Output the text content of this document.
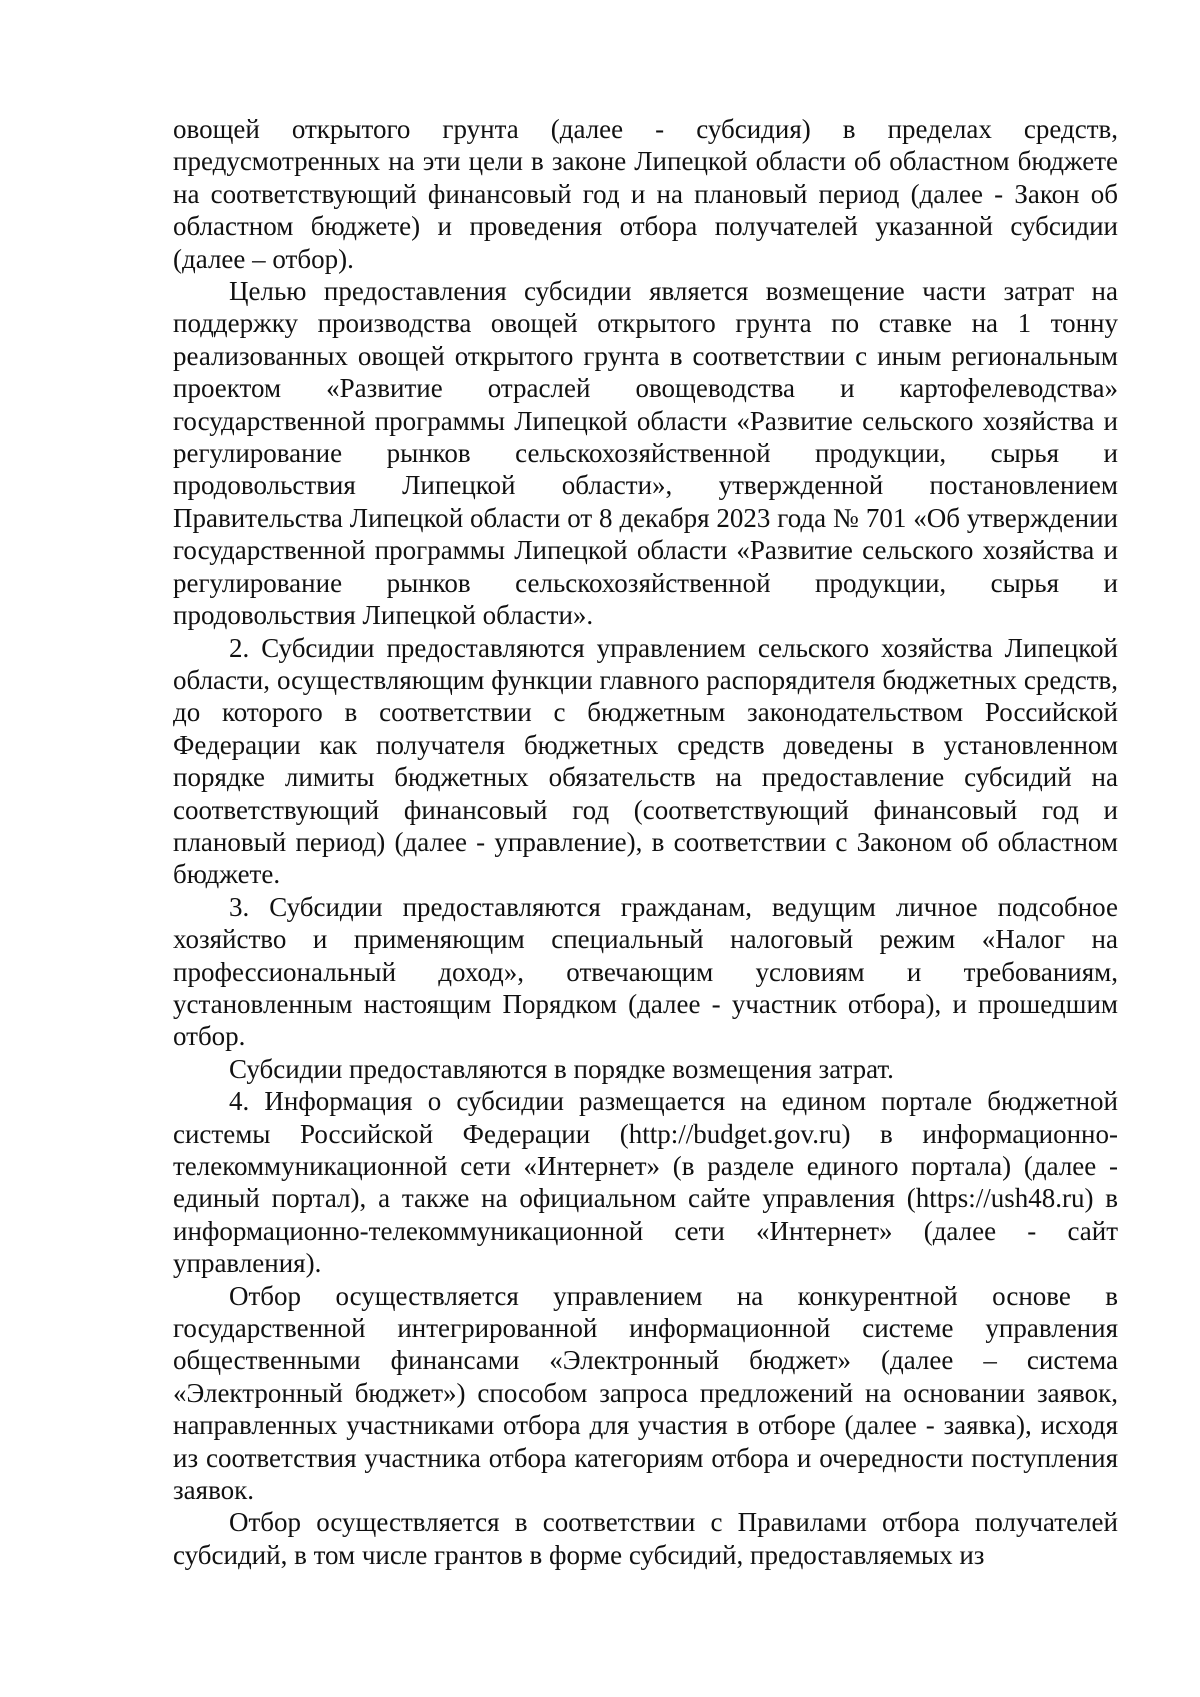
овощей открытого грунта (далее - субсидия) в пределах средств, предусмотренных на эти цели в законе Липецкой области об областном бюджете на соответствующий финансовый год и на плановый период (далее - Закон об областном бюджете) и проведения отбора получателей указанной субсидии (далее – отбор).

Целью предоставления субсидии является возмещение части затрат на поддержку производства овощей открытого грунта по ставке на 1 тонну реализованных овощей открытого грунта в соответствии с иным региональным проектом «Развитие отраслей овощеводства и картофелеводства» государственной программы Липецкой области «Развитие сельского хозяйства и регулирование рынков сельскохозяйственной продукции, сырья и продовольствия Липецкой области», утвержденной постановлением Правительства Липецкой области от 8 декабря 2023 года № 701 «Об утверждении государственной программы Липецкой области «Развитие сельского хозяйства и регулирование рынков сельскохозяйственной продукции, сырья и продовольствия Липецкой области».

2. Субсидии предоставляются управлением сельского хозяйства Липецкой области, осуществляющим функции главного распорядителя бюджетных средств, до которого в соответствии с бюджетным законодательством Российской Федерации как получателя бюджетных средств доведены в установленном порядке лимиты бюджетных обязательств на предоставление субсидий на соответствующий финансовый год (соответствующий финансовый год и плановый период) (далее - управление), в соответствии с Законом об областном бюджете.

3. Субсидии предоставляются гражданам, ведущим личное подсобное хозяйство и применяющим специальный налоговый режим «Налог на профессиональный доход», отвечающим условиям и требованиям, установленным настоящим Порядком (далее - участник отбора), и прошедшим отбор.

Субсидии предоставляются в порядке возмещения затрат.

4. Информация о субсидии размещается на едином портале бюджетной системы Российской Федерации (http://budget.gov.ru) в информационно-телекоммуникационной сети «Интернет» (в разделе единого портала) (далее - единый портал), а также на официальном сайте управления (https://ush48.ru) в информационно-телекоммуникационной сети «Интернет» (далее - сайт управления).

Отбор осуществляется управлением на конкурентной основе в государственной интегрированной информационной системе управления общественными финансами «Электронный бюджет» (далее – система «Электронный бюджет») способом запроса предложений на основании заявок, направленных участниками отбора для участия в отборе (далее - заявка), исходя из соответствия участника отбора категориям отбора и очередности поступления заявок.

Отбор осуществляется в соответствии с Правилами отбора получателей субсидий, в том числе грантов в форме субсидий, предоставляемых из
